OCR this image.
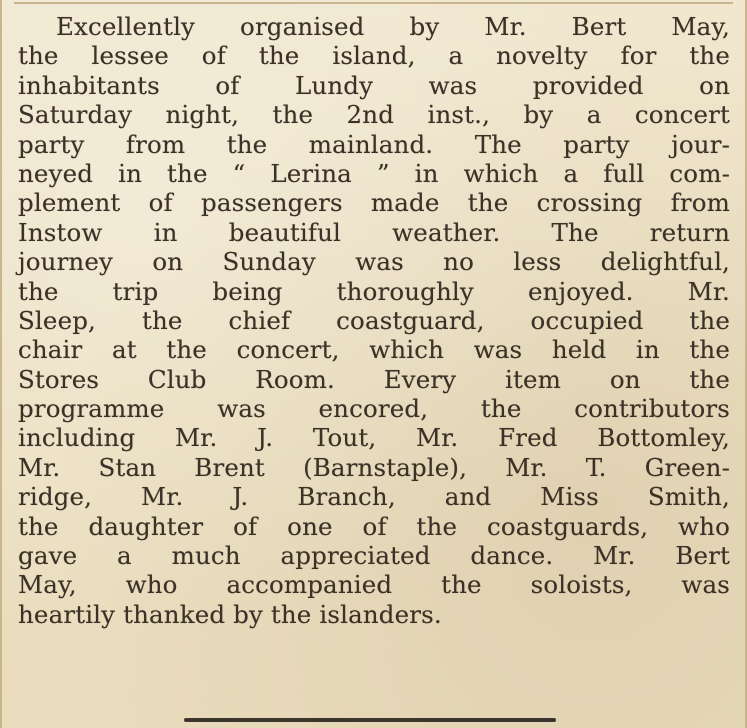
Excellently organised by Mr. Bert May,
the lessee of the island, a novelty for the
inhabitants of Lundy was provided on
Saturday night, the 2nd inst., by a concert
party from the mainland. The party jour-
neyed in the “ Lerina ” in which a full com-
plement of passengers made the crossing from
Instow in beautiful weather. The return
journey on Sunday was no less delightful,
the trip being thoroughly enjoyed. Mr.
Sleep, the chief coastguard, occupied the
chair at the concert, which was held in the
Stores Club Room. Every item on the
programme was encored, the contributors
including Mr. J. Tout, Mr. Fred Bottomley,
Mr. Stan Brent (Barnstaple), Mr. T. Green-
ridge, Mr. J. Branch, and Miss Smith,
the daughter of one of the coastguards, who
gave a much appreciated dance. Mr. Bert
May, who accompanied the soloists, was
heartily thanked by the islanders.
